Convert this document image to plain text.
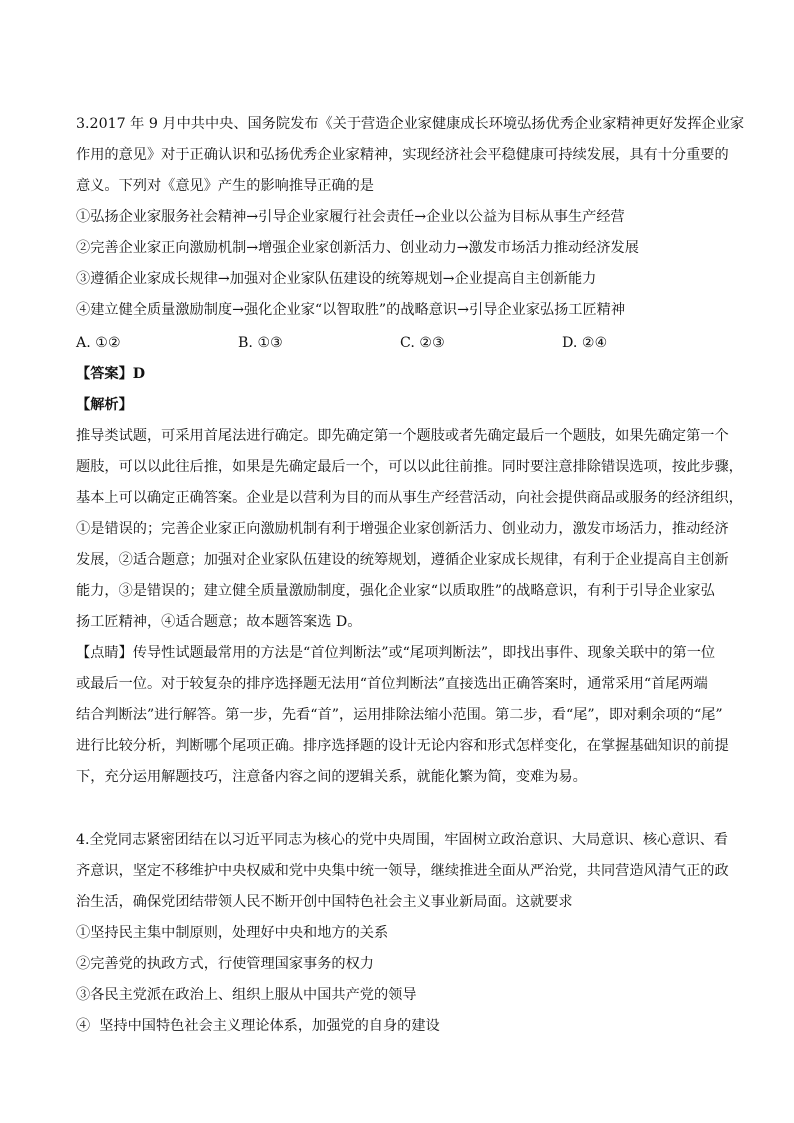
3.2017 年 9 月中共中央、国务院发布《关于营造企业家健康成长环境弘扬优秀企业家精神更好发挥企业家
作用的意见》对于正确认识和弘扬优秀企业家精神，实现经济社会平稳健康可持续发展，具有十分重要的
意义。下列对《意见》产生的影响推导正确的是
①弘扬企业家服务社会精神→引导企业家履行社会责任→企业以公益为目标从事生产经营
②完善企业家正向激励机制→增强企业家创新活力、创业动力→激发市场活力推动经济发展
③遵循企业家成长规律→加强对企业家队伍建设的统筹规划→企业提高自主创新能力
④建立健全质量激励制度→强化企业家“以智取胜”的战略意识→引导企业家弘扬工匠精神
A. ①②	B. ①③	C. ②③	D. ②④
【答案】D
【解析】
推导类试题，可采用首尾法进行确定。即先确定第一个题肢或者先确定最后一个题肢，如果先确定第一个
题肢，可以以此往后推，如果是先确定最后一个，可以以此往前推。同时要注意排除错误选项，按此步骤，
基本上可以确定正确答案。企业是以营利为目的而从事生产经营活动，向社会提供商品或服务的经济组织，
①是错误的；完善企业家正向激励机制有利于增强企业家创新活力、创业动力，激发市场活力，推动经济
发展，②适合题意；加强对企业家队伍建设的统筹规划，遵循企业家成长规律，有利于企业提高自主创新
能力，③是错误的；建立健全质量激励制度，强化企业家“以质取胜”的战略意识，有利于引导企业家弘
扬工匠精神，④适合题意；故本题答案选 D。
【点睛】传导性试题最常用的方法是“首位判断法”或“尾项判断法”，即找出事件、现象关联中的第一位
或最后一位。对于较复杂的排序选择题无法用“首位判断法”直接选出正确答案时，通常采用“首尾两端
结合判断法”进行解答。第一步，先看“首”，运用排除法缩小范围。第二步，看“尾”，即对剩余项的“尾”
进行比较分析，判断哪个尾项正确。排序选择题的设计无论内容和形式怎样变化，在掌握基础知识的前提
下，充分运用解题技巧，注意备内容之间的逻辑关系，就能化繁为简，变难为易。
4.全党同志紧密团结在以习近平同志为核心的党中央周围，牢固树立政治意识、大局意识、核心意识、看
齐意识，坚定不移维护中央权威和党中央集中统一领导，继续推进全面从严治党，共同营造风清气正的政
治生活，确保党团结带领人民不断开创中国特色社会主义事业新局面。这就要求
①坚持民主集中制原则，处理好中央和地方的关系
②完善党的执政方式，行使管理国家事务的权力
③各民主党派在政治上、组织上服从中国共产党的领导
④  坚持中国特色社会主义理论体系，加强党的自身的建设
